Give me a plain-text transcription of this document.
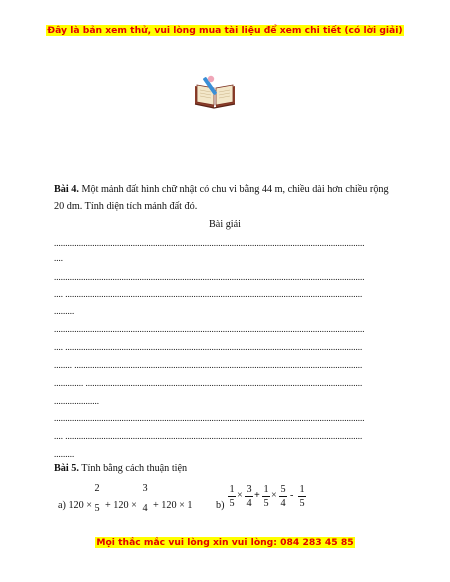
Đây là bản xem thử, vui lòng mua tài liệu để xem chi tiết (có lời giải)
Bài 4. Một mảnh đất hình chữ nhật có chu vi bằng 44 m, chiều dài hơn chiều rộng
20 dm. Tính diện tích mảnh đất đó.
Bài giải
..........................................................................................................................................
....
..........................................................................................................................................
.... ....................................................................................................................................
.........
..........................................................................................................................................
.... ....................................................................................................................................
........ ................................................................................................................................
............. ...........................................................................................................................
....................
..........................................................................................................................................
.... ....................................................................................................................................
.........
Bài 5. Tính bằng cách thuận tiện
a) 120 ×
2
5 + 120 ×
3
4 + 120 × 1 b)
1
5
×
3
4
+
1
5
×
5
4
-
1
5
Mọi thắc mắc vui lòng xin vui lòng: 084 283 45 85
